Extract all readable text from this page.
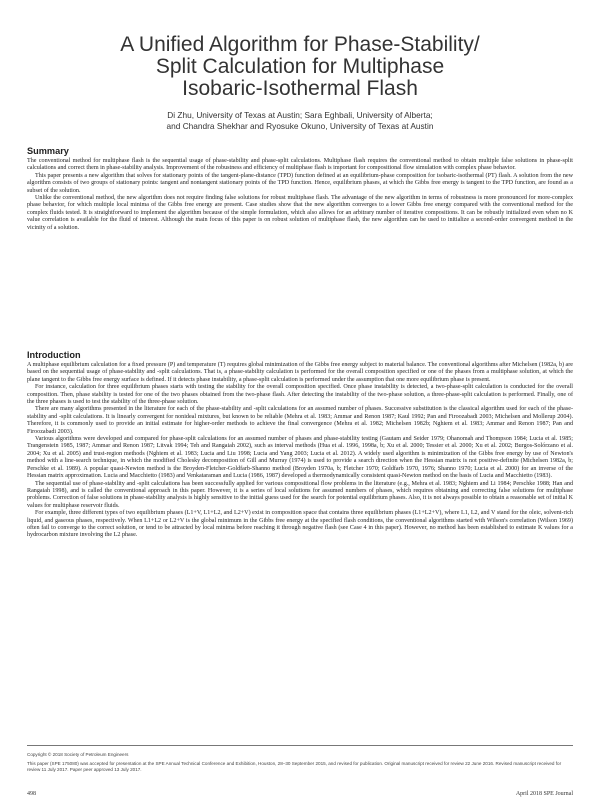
A Unified Algorithm for Phase-Stability/
Split Calculation for Multiphase
Isobaric-Isothermal Flash
Di Zhu, University of Texas at Austin; Sara Eghbali, University of Alberta;
and Chandra Shekhar and Ryosuke Okuno, University of Texas at Austin
Summary

The conventional method for multiphase flash is the sequential usage of phase-stability and phase-split calculations. Multiphase flash requires the conventional method to obtain multiple false solutions in phase-split calculations and correct them in phase-stability analysis. Improvement of the robustness and efficiency of multiphase flash is important for compositional flow simulation with complex phase behavior.

This paper presents a new algorithm that solves for stationary points of the tangent-plane-distance (TPD) function defined at an equilibrium-phase composition for isobaric-isothermal (PT) flash. A solution from the new algorithm consists of two groups of stationary points: tangent and nontangent stationary points of the TPD function. Hence, equilibrium phases, at which the Gibbs free energy is tangent to the TPD function, are found as a subset of the solution.

Unlike the conventional method, the new algorithm does not require finding false solutions for robust multiphase flash. The advantage of the new algorithm in terms of robustness is more pronounced for more-complex phase behavior, for which multiple local minima of the Gibbs free energy are present. Case studies show that the new algorithm converges to a lower Gibbs free energy compared with the conventional method for the complex fluids tested. It is straightforward to implement the algorithm because of the simple formulation, which also allows for an arbitrary number of iterative compositions. It can be robustly initialized even when no K value correlation is available for the fluid of interest. Although the main focus of this paper is on robust solution of multiphase flash, the new algorithm can be used to initialize a second-order convergent method in the vicinity of a solution.

Introduction

A multiphase equilibrium calculation for a fixed pressure (P) and temperature (T) requires global minimization of the Gibbs free energy subject to material balance. The conventional algorithms after Michelsen (1982a, b) are based on the sequential usage of phase-stability and -split calculations. That is, a phase-stability calculation is performed for the overall composition specified or one of the phases from a multiphase solution, at which the plane tangent to the Gibbs free energy surface is defined. If it detects phase instability, a phase-split calculation is performed under the assumption that one more equilibrium phase is present.

For instance, calculation for three equilibrium phases starts with testing the stability for the overall composition specified. Once phase instability is detected, a two-phase-split calculation is conducted for the overall composition. Then, phase stability is tested for one of the two phases obtained from the two-phase flash. After detecting the instability of the two-phase solution, a three-phase-split calculation is performed. Finally, one of the three phases is used to test the stability of the three-phase solution.

There are many algorithms presented in the literature for each of the phase-stability and -split calculations for an assumed number of phases. Successive substitution is the classical algorithm used for each of the phase-stability and -split calculations. It is linearly convergent for nonideal mixtures, but known to be reliable (Mehra et al. 1983; Ammar and Renon 1987; Kaul 1992; Pan and Firoozabadi 2003; Michelsen and Mollerup 2004). Therefore, it is commonly used to provide an initial estimate for higher-order methods to achieve the final convergence (Mehra et al. 1982; Michelsen 1982b; Nghiem et al. 1983; Ammar and Renon 1987; Pan and Firoozabadi 2003).

Various algorithms were developed and compared for phase-split calculations for an assumed number of phases and phase-stability testing (Gautam and Seider 1979; Ohanomah and Thompson 1984; Lucia et al. 1985; Trangenstein 1985, 1987; Ammar and Renon 1987; Litvak 1994; Teh and Rangaiah 2002), such as interval methods (Hua et al. 1996, 1998a, b; Xu et al. 2000; Tessier et al. 2000; Xu et al. 2002; Burgos-Solórzano et al. 2004; Xu et al. 2005) and trust-region methods (Nghiem et al. 1983; Lucia and Liu 1998; Lucia and Yang 2003; Lucia et al. 2012). A widely used algorithm is minimization of the Gibbs free energy by use of Newton's method with a line-search technique, in which the modified Cholesky decomposition of Gill and Murray (1974) is used to provide a search direction when the Hessian matrix is not positive-definite (Michelsen 1982a, b; Perschke et al. 1989). A popular quasi-Newton method is the Broyden-Fletcher-Goldfarb-Shanno method (Broyden 1970a, b; Fletcher 1970; Goldfarb 1970, 1976; Shanno 1970; Lucia et al. 2000) for an inverse of the Hessian matrix approximation. Lucia and Macchietto (1983) and Venkataraman and Lucia (1986, 1987) developed a thermodynamically consistent quasi-Newton method on the basis of Lucia and Macchietto (1983).

The sequential use of phase-stability and -split calculations has been successfully applied for various compositional flow problems in the literature (e.g., Mehra et al. 1983; Nghiem and Li 1984; Perschke 1988; Han and Rangaiah 1998), and is called the conventional approach in this paper. However, it is a series of local solutions for assumed numbers of phases, which requires obtaining and correcting false solutions for multiphase problems. Correction of false solutions in phase-stability analysis is highly sensitive to the initial guess used for the search for potential equilibrium phases. Also, it is not always possible to obtain a reasonable set of initial K values for multiphase reservoir fluids.

For example, three different types of two equilibrium phases (L1+V, L1+L2, and L2+V) exist in composition space that contains three equilibrium phases (L1+L2+V), where L1, L2, and V stand for the oleic, solvent-rich liquid, and gaseous phases, respectively. When L1+L2 or L2+V is the global minimum in the Gibbs free energy at the specified flash conditions, the conventional algorithms started with Wilson's correlation (Wilson 1969) often fail to converge to the correct solution, or tend to be attracted by local minima before reaching it through negative flash (see Case 4 in this paper). However, no method has been established to estimate K values for a hydrocarbon mixture involving the L2 phase.

Copyright © 2018 Society of Petroleum Engineers

This paper (SPE 175080) was accepted for presentation at the SPE Annual Technical Conference and Exhibition, Houston, 28–30 September 2015, and revised for publication. Original manuscript received for review 22 June 2016. Revised manuscript received for review 11 July 2017. Paper peer approved 13 July 2017.

498	April 2018 SPE Journal
